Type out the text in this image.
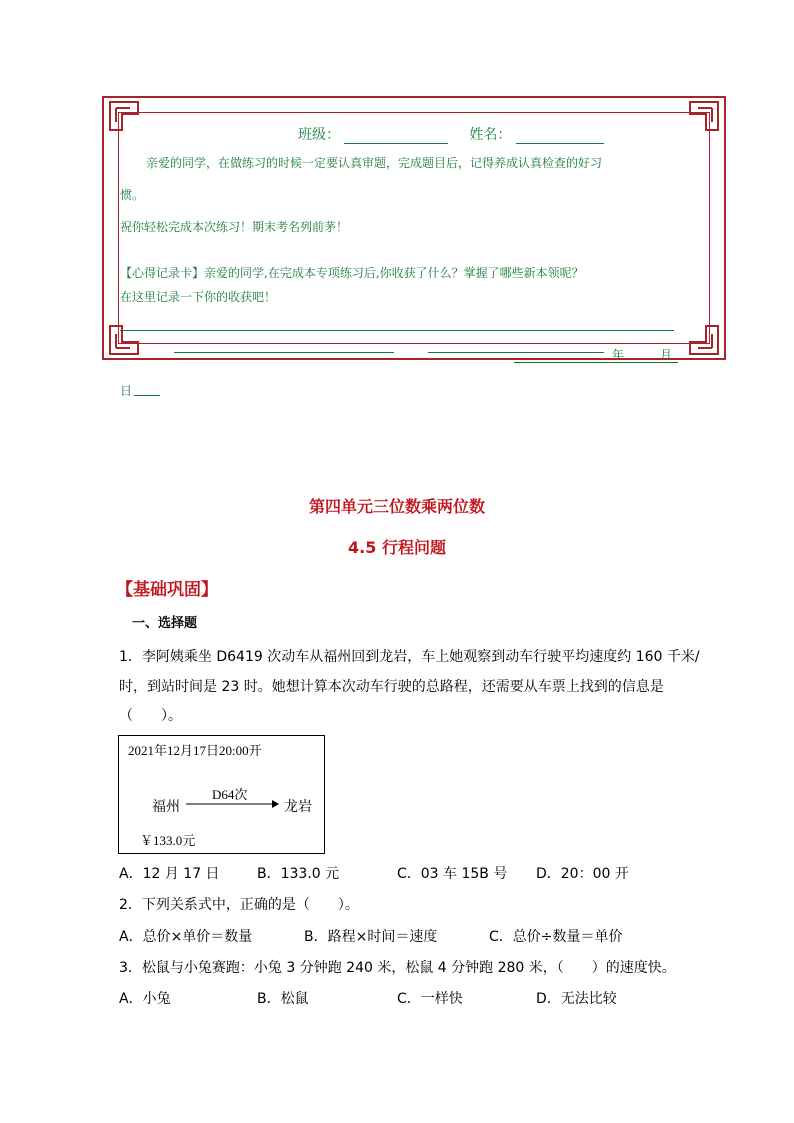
班级：	姓名：
亲爱的同学，在做练习的时候一定要认真审题，完成题目后，记得养成认真检查的好习
惯。
祝你轻松完成本次练习！期末考名列前茅！
【心得记录卡】亲爱的同学,在完成本专项练习后,你收获了什么？掌握了哪些新本领呢？
在这里记录一下你的收获吧！
年	月
日
第四单元三位数乘两位数
4.5 行程问题
【基础巩固】
一、选择题
1．李阿姨乘坐 D6419 次动车从福州回到龙岩，车上她观察到动车行驶平均速度约 160 千米/
时，到站时间是 23 时。她想计算本次动车行驶的总路程，还需要从车票上找到的信息是
（　　）。
2021年12月17日20:00开
福州
D64次
龙岩
￥133.0元
A．12 月 17 日	B．133.0 元	C．03 车 15B 号 D．20：00 开
2．下列关系式中，正确的是（　　）。
A．总价×单价＝数量	B．路程×时间＝速度	C．总价÷数量＝单价
3．松鼠与小兔赛跑：小兔 3 分钟跑 240 米，松鼠 4 分钟跑 280 米，（　　）的速度快。
A．小兔	B．松鼠	C．一样快	D．无法比较
